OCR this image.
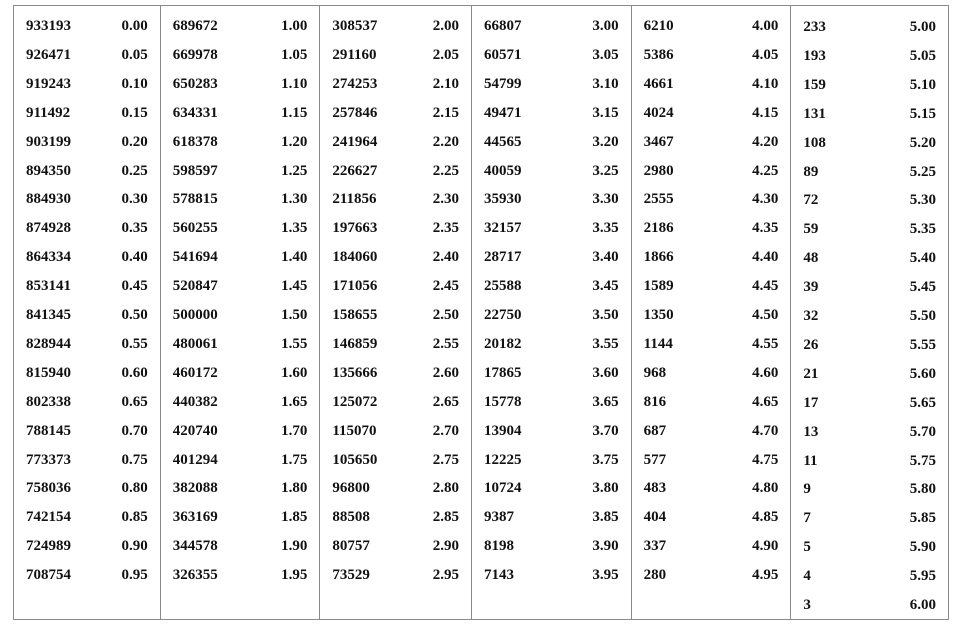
933193	0.00
926471	0.05
919243	0.10
911492	0.15
903199	0.20
894350	0.25
884930	0.30
874928	0.35
864334	0.40
853141	0.45
841345	0.50
828944	0.55
815940	0.60
802338	0.65
788145	0.70
773373	0.75
758036	0.80
742154	0.85
724989	0.90
708754	0.95
689672	1.00
669978	1.05
650283	1.10
634331	1.15
618378	1.20
598597	1.25
578815	1.30
560255	1.35
541694	1.40
520847	1.45
500000	1.50
480061	1.55
460172	1.60
440382	1.65
420740	1.70
401294	1.75
382088	1.80
363169	1.85
344578	1.90
326355	1.95
308537	2.00
291160	2.05
274253	2.10
257846	2.15
241964	2.20
226627	2.25
211856	2.30
197663	2.35
184060	2.40
171056	2.45
158655	2.50
146859	2.55
135666	2.60
125072	2.65
115070	2.70
105650	2.75
96800	2.80
88508	2.85
80757	2.90
73529	2.95
66807	3.00
60571	3.05
54799	3.10
49471	3.15
44565	3.20
40059	3.25
35930	3.30
32157	3.35
28717	3.40
25588	3.45
22750	3.50
20182	3.55
17865	3.60
15778	3.65
13904	3.70
12225	3.75
10724	3.80
9387	3.85
8198	3.90
7143	3.95
6210	4.00
5386	4.05
4661	4.10
4024	4.15
3467	4.20
2980	4.25
2555	4.30
2186	4.35
1866	4.40
1589	4.45
1350	4.50
1144	4.55
968	4.60
816	4.65
687	4.70
577	4.75
483	4.80
404	4.85
337	4.90
280	4.95
233	5.00
193	5.05
159	5.10
131	5.15
108	5.20
89	5.25
72	5.30
59	5.35
48	5.40
39	5.45
32	5.50
26	5.55
21	5.60
17	5.65
13	5.70
11	5.75
9	5.80
7	5.85
5	5.90
4	5.95
3	6.00
